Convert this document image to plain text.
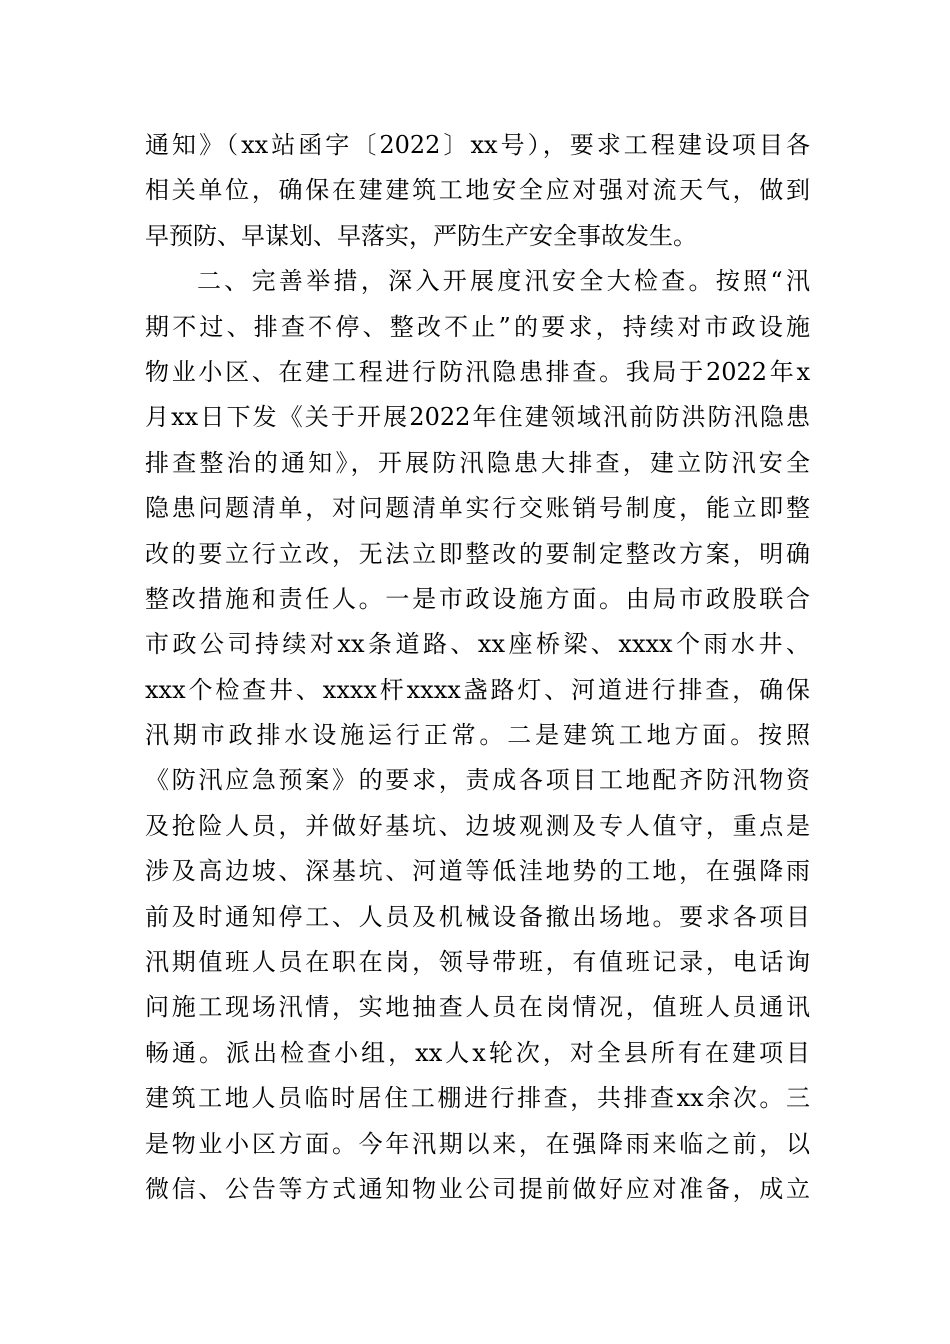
通知》（xx站函字〔2022〕xx号），要求工程建设项目各
相关单位，确保在建建筑工地安全应对强对流天气，做到
早预防、早谋划、早落实，严防生产安全事故发生。
二、完善举措，深入开展度汛安全大检查。按照“汛
期不过、排查不停、整改不止”的要求，持续对市政设施
物业小区、在建工程进行防汛隐患排查。我局于2022年x
月xx日下发《关于开展2022年住建领域汛前防洪防汛隐患
排查整治的通知》，开展防汛隐患大排查，建立防汛安全
隐患问题清单，对问题清单实行交账销号制度，能立即整
改的要立行立改，无法立即整改的要制定整改方案，明确
整改措施和责任人。一是市政设施方面。由局市政股联合
市政公司持续对xx条道路、xx座桥梁、xxxx个雨水井、
xxx个检查井、xxxx杆xxxx盏路灯、河道进行排查，确保
汛期市政排水设施运行正常。二是建筑工地方面。按照
《防汛应急预案》的要求，责成各项目工地配齐防汛物资
及抢险人员，并做好基坑、边坡观测及专人值守，重点是
涉及高边坡、深基坑、河道等低洼地势的工地，在强降雨
前及时通知停工、人员及机械设备撤出场地。要求各项目
汛期值班人员在职在岗，领导带班，有值班记录，电话询
问施工现场汛情，实地抽查人员在岗情况，值班人员通讯
畅通。派出检查小组，xx人x轮次，对全县所有在建项目
建筑工地人员临时居住工棚进行排查，共排查xx余次。三
是物业小区方面。今年汛期以来，在强降雨来临之前，以
微信、公告等方式通知物业公司提前做好应对准备，成立
